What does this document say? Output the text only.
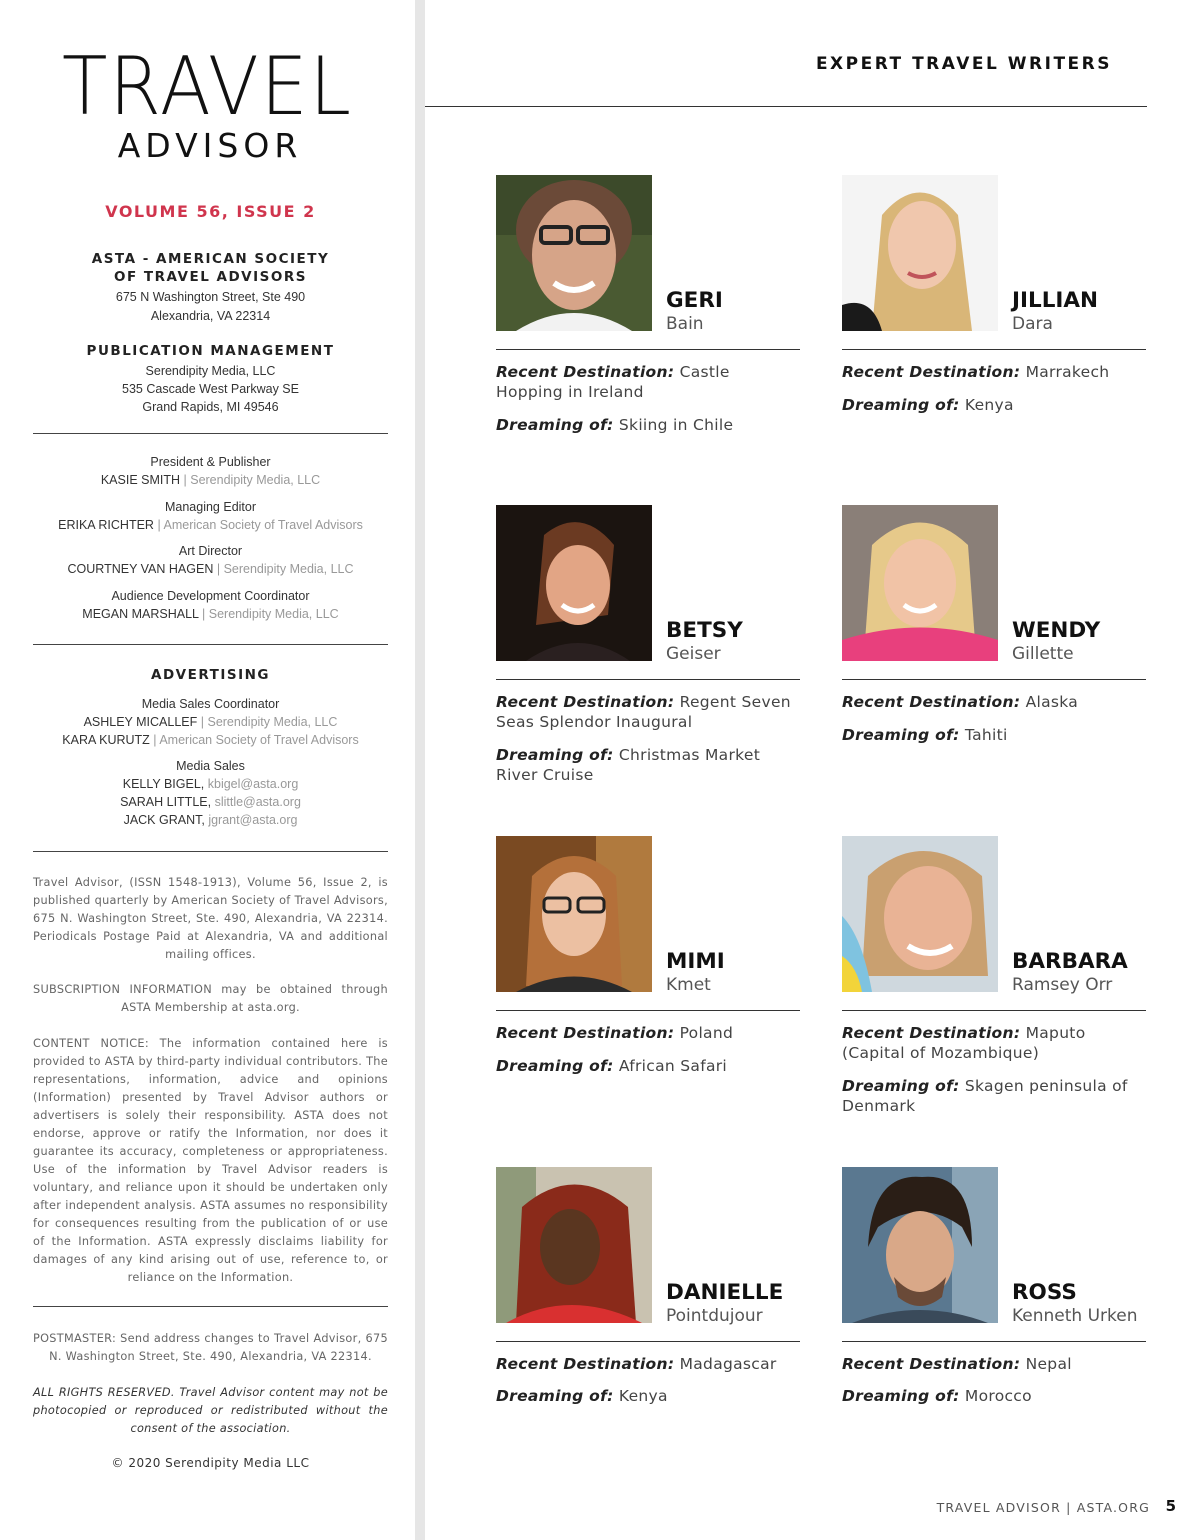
TRAVEL
ADVISOR
VOLUME 56, ISSUE 2
ASTA - AMERICAN SOCIETY
OF TRAVEL ADVISORS
675 N Washington Street, Ste 490
Alexandria, VA 22314
PUBLICATION MANAGEMENT
Serendipity Media, LLC
535 Cascade West Parkway SE
Grand Rapids, MI 49546
President & Publisher
KASIE SMITH | Serendipity Media, LLC
Managing Editor
ERIKA RICHTER | American Society of Travel Advisors
Art Director
COURTNEY VAN HAGEN | Serendipity Media, LLC
Audience Development Coordinator
MEGAN MARSHALL | Serendipity Media, LLC
ADVERTISING
Media Sales Coordinator
ASHLEY MICALLEF | Serendipity Media, LLC
KARA KURUTZ | American Society of Travel Advisors
Media Sales
KELLY BIGEL, kbigel@asta.org
SARAH LITTLE, slittle@asta.org
JACK GRANT, jgrant@asta.org
Travel Advisor, (ISSN 1548-1913), Volume 56, Issue 2, is published quarterly by American Society of Travel Advisors, 675 N. Washington Street, Ste. 490, Alexandria, VA 22314. Periodicals Postage Paid at Alexandria, VA and additional mailing offices.
SUBSCRIPTION INFORMATION may be obtained through ASTA Membership at asta.org.
CONTENT NOTICE: The information contained here is provided to ASTA by third-party individual contributors. The representations, information, advice and opinions (Information) presented by Travel Advisor authors or advertisers is solely their responsibility. ASTA does not endorse, approve or ratify the Information, nor does it guarantee its accuracy, completeness or appropriateness. Use of the information by Travel Advisor readers is voluntary, and reliance upon it should be undertaken only after independent analysis. ASTA assumes no responsibility for consequences resulting from the publication of or use of the Information. ASTA expressly disclaims liability for damages of any kind arising out of use, reference to, or reliance on the Information.
POSTMASTER: Send address changes to Travel Advisor, 675 N. Washington Street, Ste. 490, Alexandria, VA 22314.
ALL RIGHTS RESERVED. Travel Advisor content may not be photocopied or reproduced or redistributed without the consent of the association.
© 2020 Serendipity Media LLC
EXPERT TRAVEL WRITERS
GERI
Bain
Recent Destination: Castle Hopping in Ireland
Dreaming of: Skiing in Chile
JILLIAN
Dara
Recent Destination: Marrakech
Dreaming of: Kenya
BETSY
Geiser
Recent Destination: Regent Seven Seas Splendor Inaugural
Dreaming of: Christmas Market River Cruise
WENDY
Gillette
Recent Destination: Alaska
Dreaming of: Tahiti
MIMI
Kmet
Recent Destination: Poland
Dreaming of: African Safari
BARBARA
Ramsey Orr
Recent Destination: Maputo (Capital of Mozambique)
Dreaming of: Skagen peninsula of Denmark
DANIELLE
Pointdujour
Recent Destination: Madagascar
Dreaming of: Kenya
ROSS
Kenneth Urken
Recent Destination: Nepal
Dreaming of: Morocco
TRAVEL ADVISOR | ASTA.ORG 5
